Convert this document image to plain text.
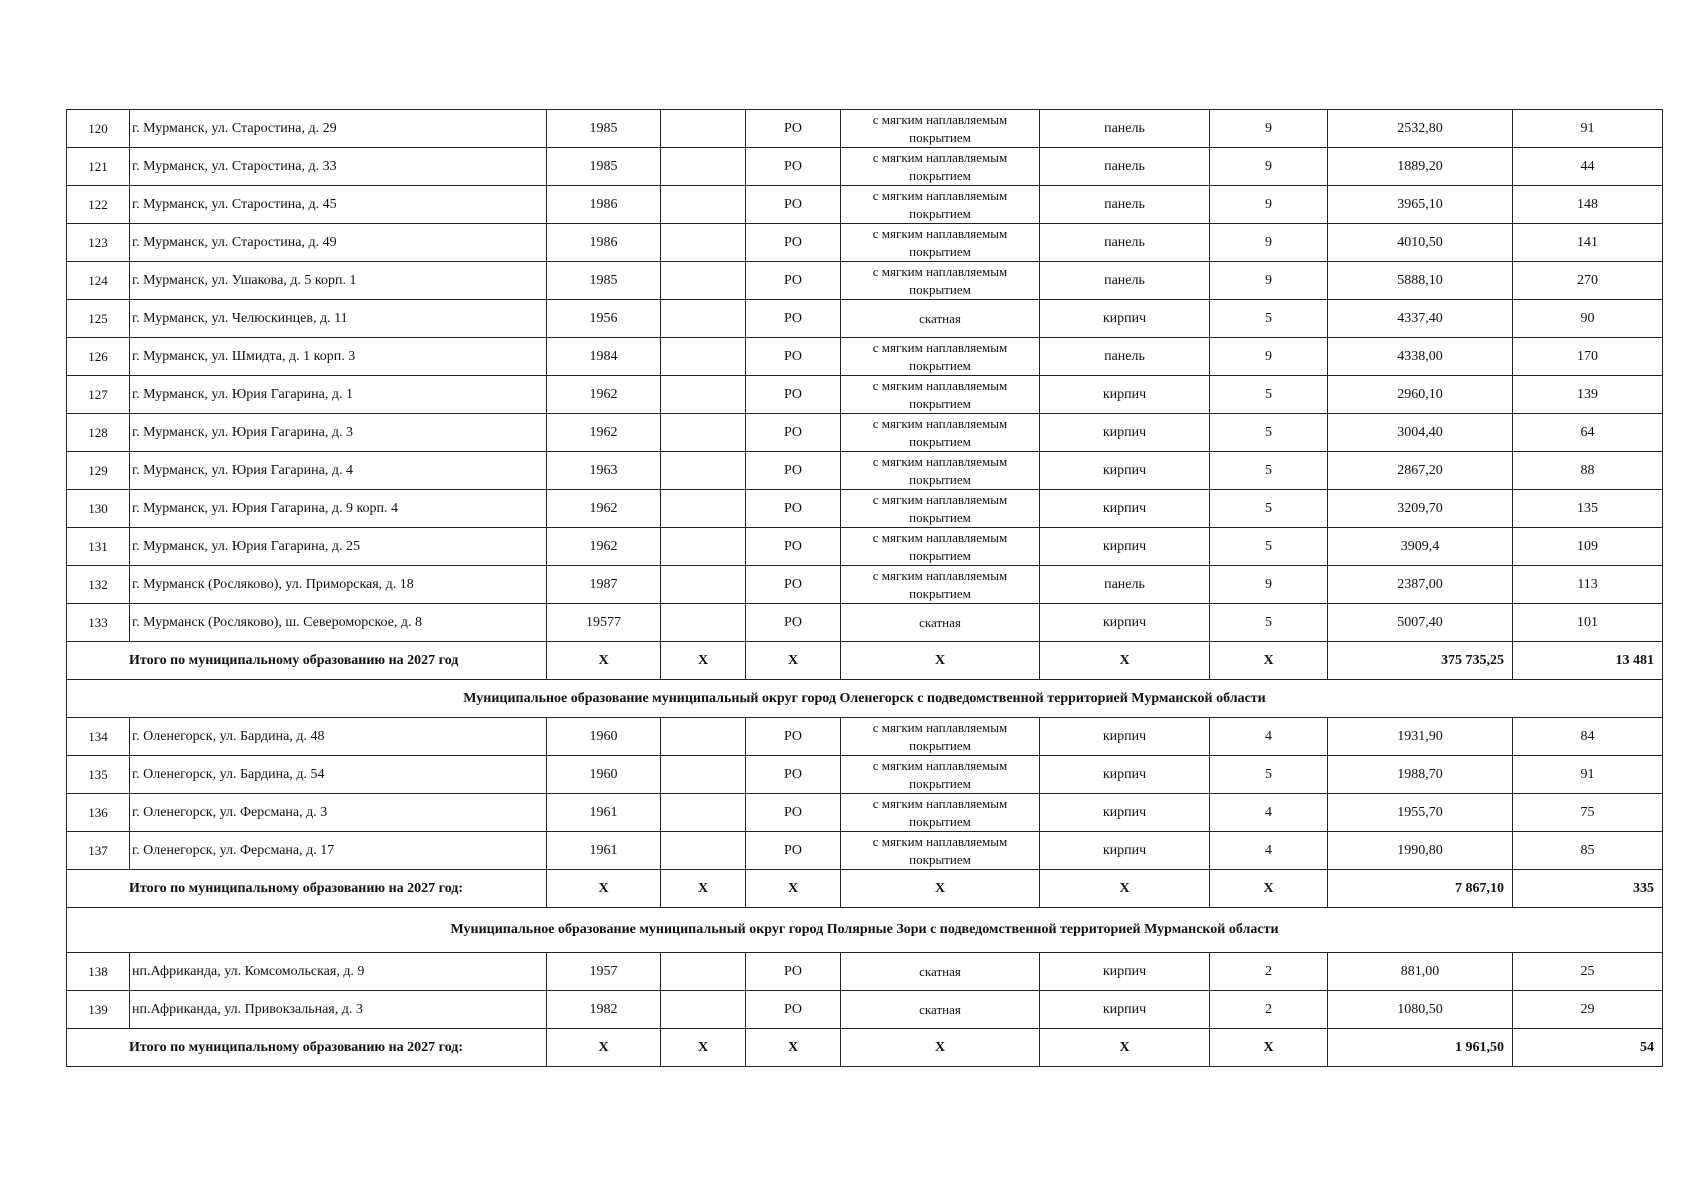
120	г. Мурманск, ул. Старостина, д. 29	1985		РО	с мягким наплавляемым покрытием	панель	9	2532,80	91
121	г. Мурманск, ул. Старостина, д. 33	1985		РО	с мягким наплавляемым покрытием	панель	9	1889,20	44
122	г. Мурманск, ул. Старостина, д. 45	1986		РО	с мягким наплавляемым покрытием	панель	9	3965,10	148
123	г. Мурманск, ул. Старостина, д. 49	1986		РО	с мягким наплавляемым покрытием	панель	9	4010,50	141
124	г. Мурманск, ул. Ушакова, д. 5 корп. 1	1985		РО	с мягким наплавляемым покрытием	панель	9	5888,10	270
125	г. Мурманск, ул. Челюскинцев, д. 11	1956		РО	скатная	кирпич	5	4337,40	90
126	г. Мурманск, ул. Шмидта, д. 1 корп. 3	1984		РО	с мягким наплавляемым покрытием	панель	9	4338,00	170
127	г. Мурманск, ул. Юрия Гагарина, д. 1	1962		РО	с мягким наплавляемым покрытием	кирпич	5	2960,10	139
128	г. Мурманск, ул. Юрия Гагарина, д. 3	1962		РО	с мягким наплавляемым покрытием	кирпич	5	3004,40	64
129	г. Мурманск, ул. Юрия Гагарина, д. 4	1963		РО	с мягким наплавляемым покрытием	кирпич	5	2867,20	88
130	г. Мурманск, ул. Юрия Гагарина, д. 9 корп. 4	1962		РО	с мягким наплавляемым покрытием	кирпич	5	3209,70	135
131	г. Мурманск, ул. Юрия Гагарина, д. 25	1962		РО	с мягким наплавляемым покрытием	кирпич	5	3909,4	109
132	г. Мурманск (Росляково), ул. Приморская, д. 18	1987		РО	с мягким наплавляемым покрытием	панель	9	2387,00	113
133	г. Мурманск (Росляково), ш. Североморское, д. 8	19577		РО	скатная	кирпич	5	5007,40	101
Итого по муниципальному образованию на 2027 год		X	X	X	X	X	X	375 735,25	13 481
Муниципальное образование муниципальный округ город Оленегорск с подведомственной территорией Мурманской области									
134	г. Оленегорск, ул. Бардина, д. 48	1960		РО	с мягким наплавляемым покрытием	кирпич	4	1931,90	84
135	г. Оленегорск, ул. Бардина, д. 54	1960		РО	с мягким наплавляемым покрытием	кирпич	5	1988,70	91
136	г. Оленегорск, ул. Ферсмана, д. 3	1961		РО	с мягким наплавляемым покрытием	кирпич	4	1955,70	75
137	г. Оленегорск, ул. Ферсмана, д. 17	1961		РО	с мягким наплавляемым покрытием	кирпич	4	1990,80	85
Итого по муниципальному образованию на 2027 год:		X	X	X	X	X	X	7 867,10	335
Муниципальное образование муниципальный округ город Полярные Зори с подведомственной территорией Мурманской области									
138	нп.Африканда, ул. Комсомольская, д. 9	1957		РО	скатная	кирпич	2	881,00	25
139	нп.Африканда, ул. Привокзальная, д. 3	1982		РО	скатная	кирпич	2	1080,50	29
Итого по муниципальному образованию на 2027 год:		X	X	X	X	X	X	1 961,50	54
